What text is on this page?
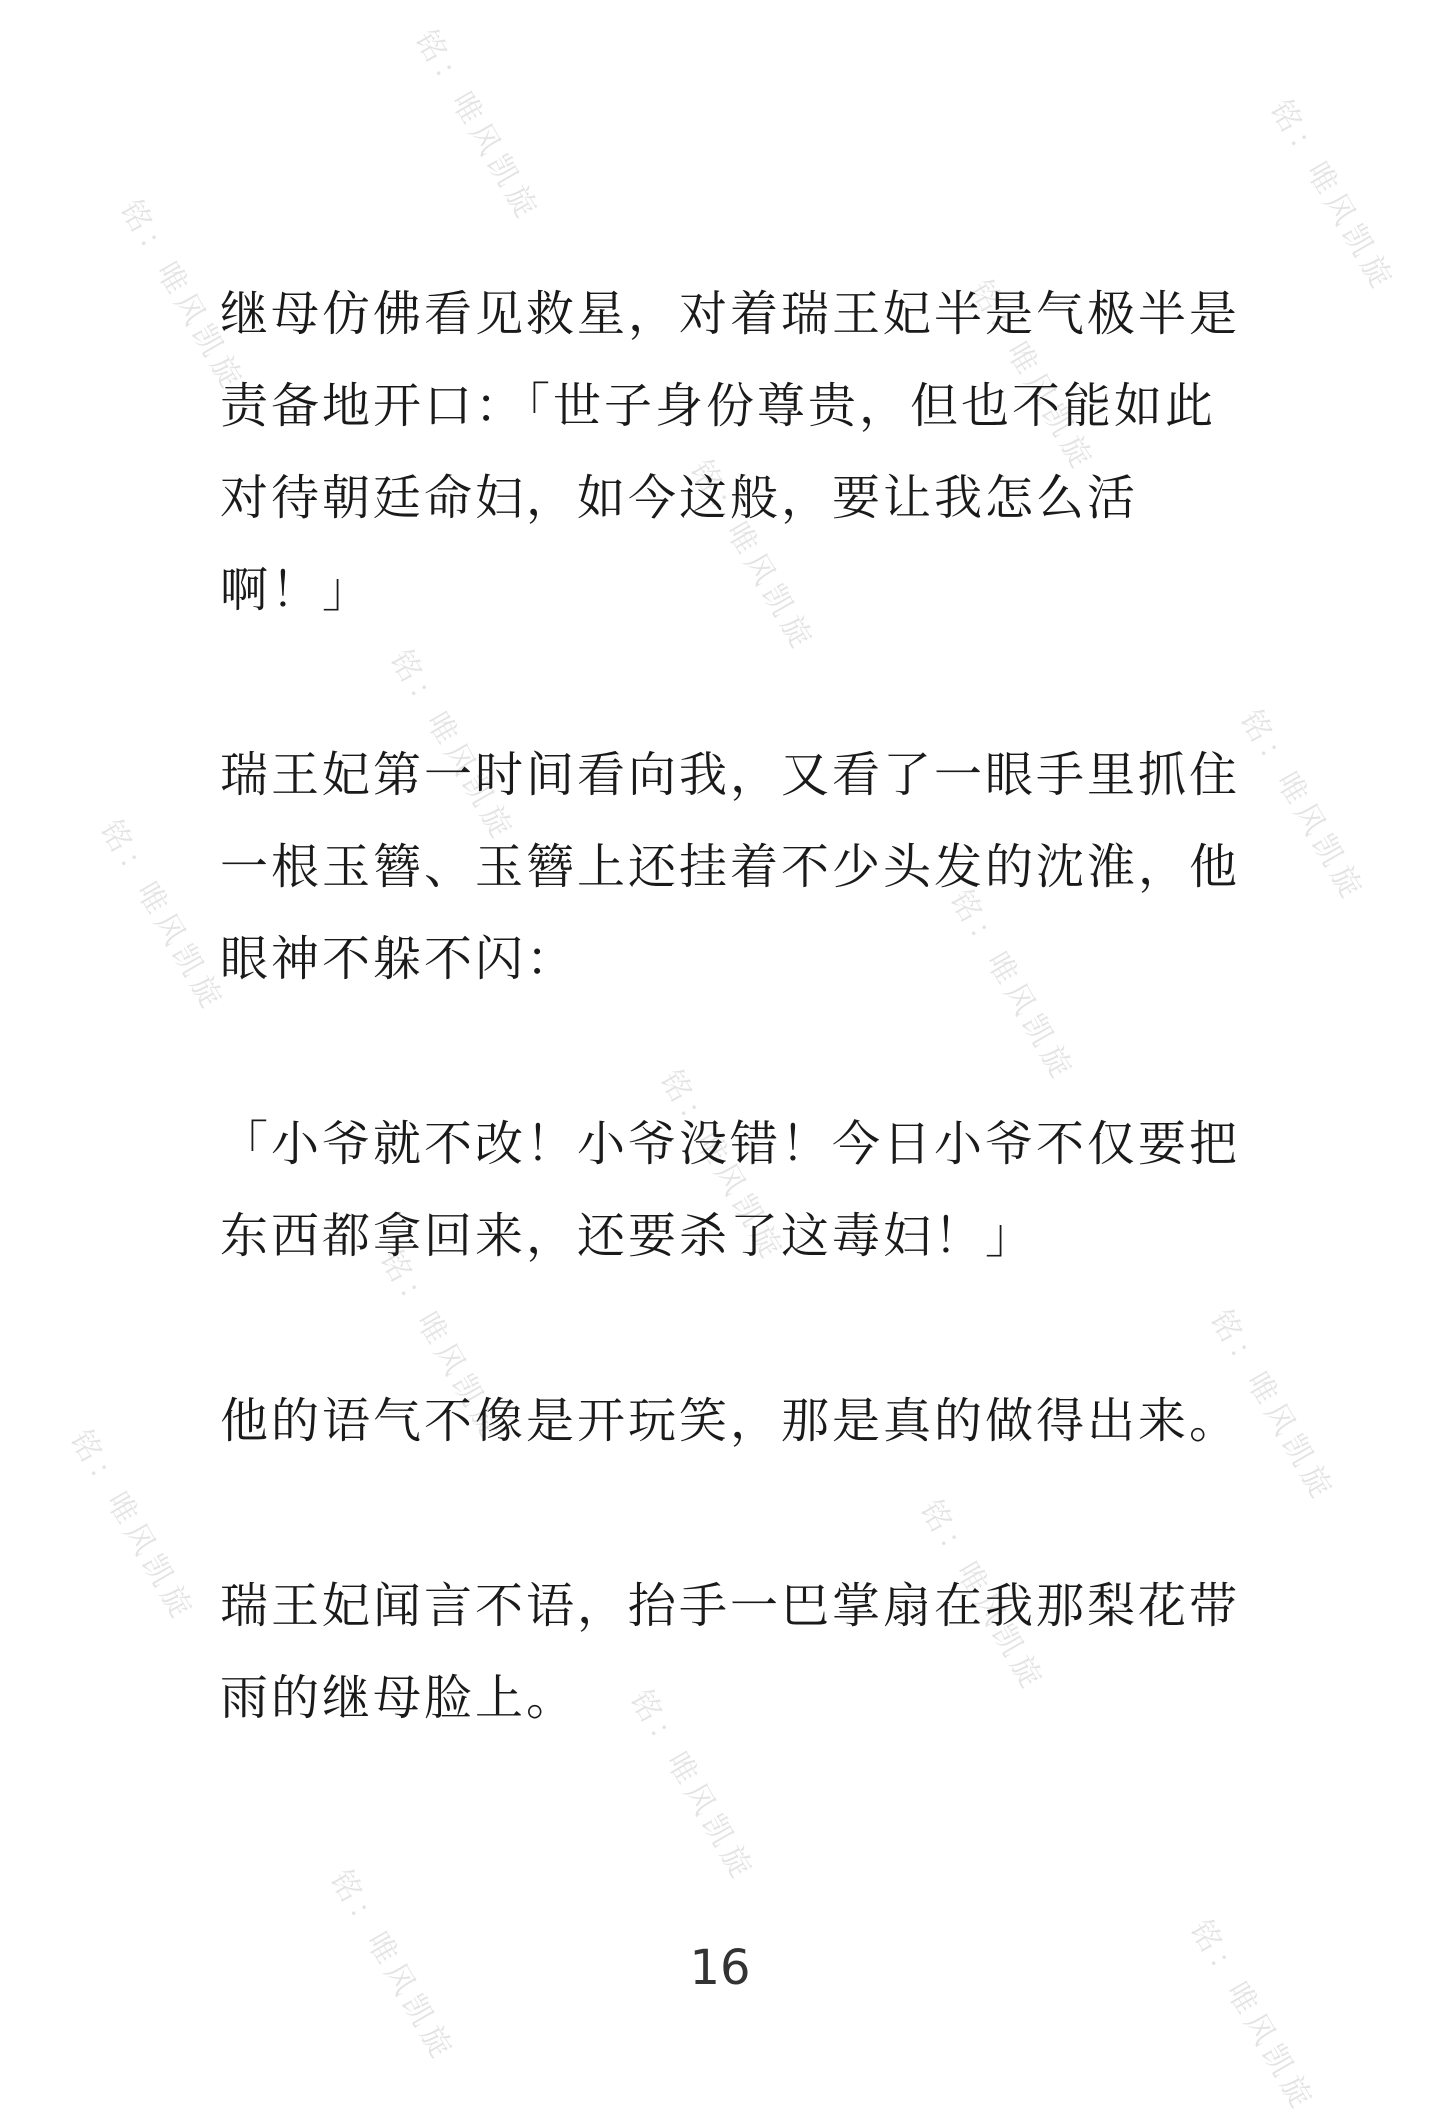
铭：唯风凯旋	铭：唯风凯旋
铭：唯风凯旋	铭：唯风凯旋
铭：唯风凯旋
铭：唯风凯旋	铭：唯风凯旋
铭：唯风凯旋	铭：唯风凯旋
铭：唯风凯旋
铭：唯风凯旋	铭：唯风凯旋
铭：唯风凯旋	铭：唯风凯旋
铭：唯风凯旋
铭：唯风凯旋	铭：唯风凯旋

继母仿佛看见救星，对着瑞王妃半是气极半是责备地开口：「世子身份尊贵，但也不能如此对待朝廷命妇，如今这般，要让我怎么活啊！」

瑞王妃第一时间看向我，又看了一眼手里抓住一根玉簪、玉簪上还挂着不少头发的沈淮，他眼神不躲不闪：

「小爷就不改！小爷没错！今日小爷不仅要把东西都拿回来，还要杀了这毒妇！」

他的语气不像是开玩笑，那是真的做得出来。

瑞王妃闻言不语，抬手一巴掌扇在我那梨花带雨的继母脸上。

16
